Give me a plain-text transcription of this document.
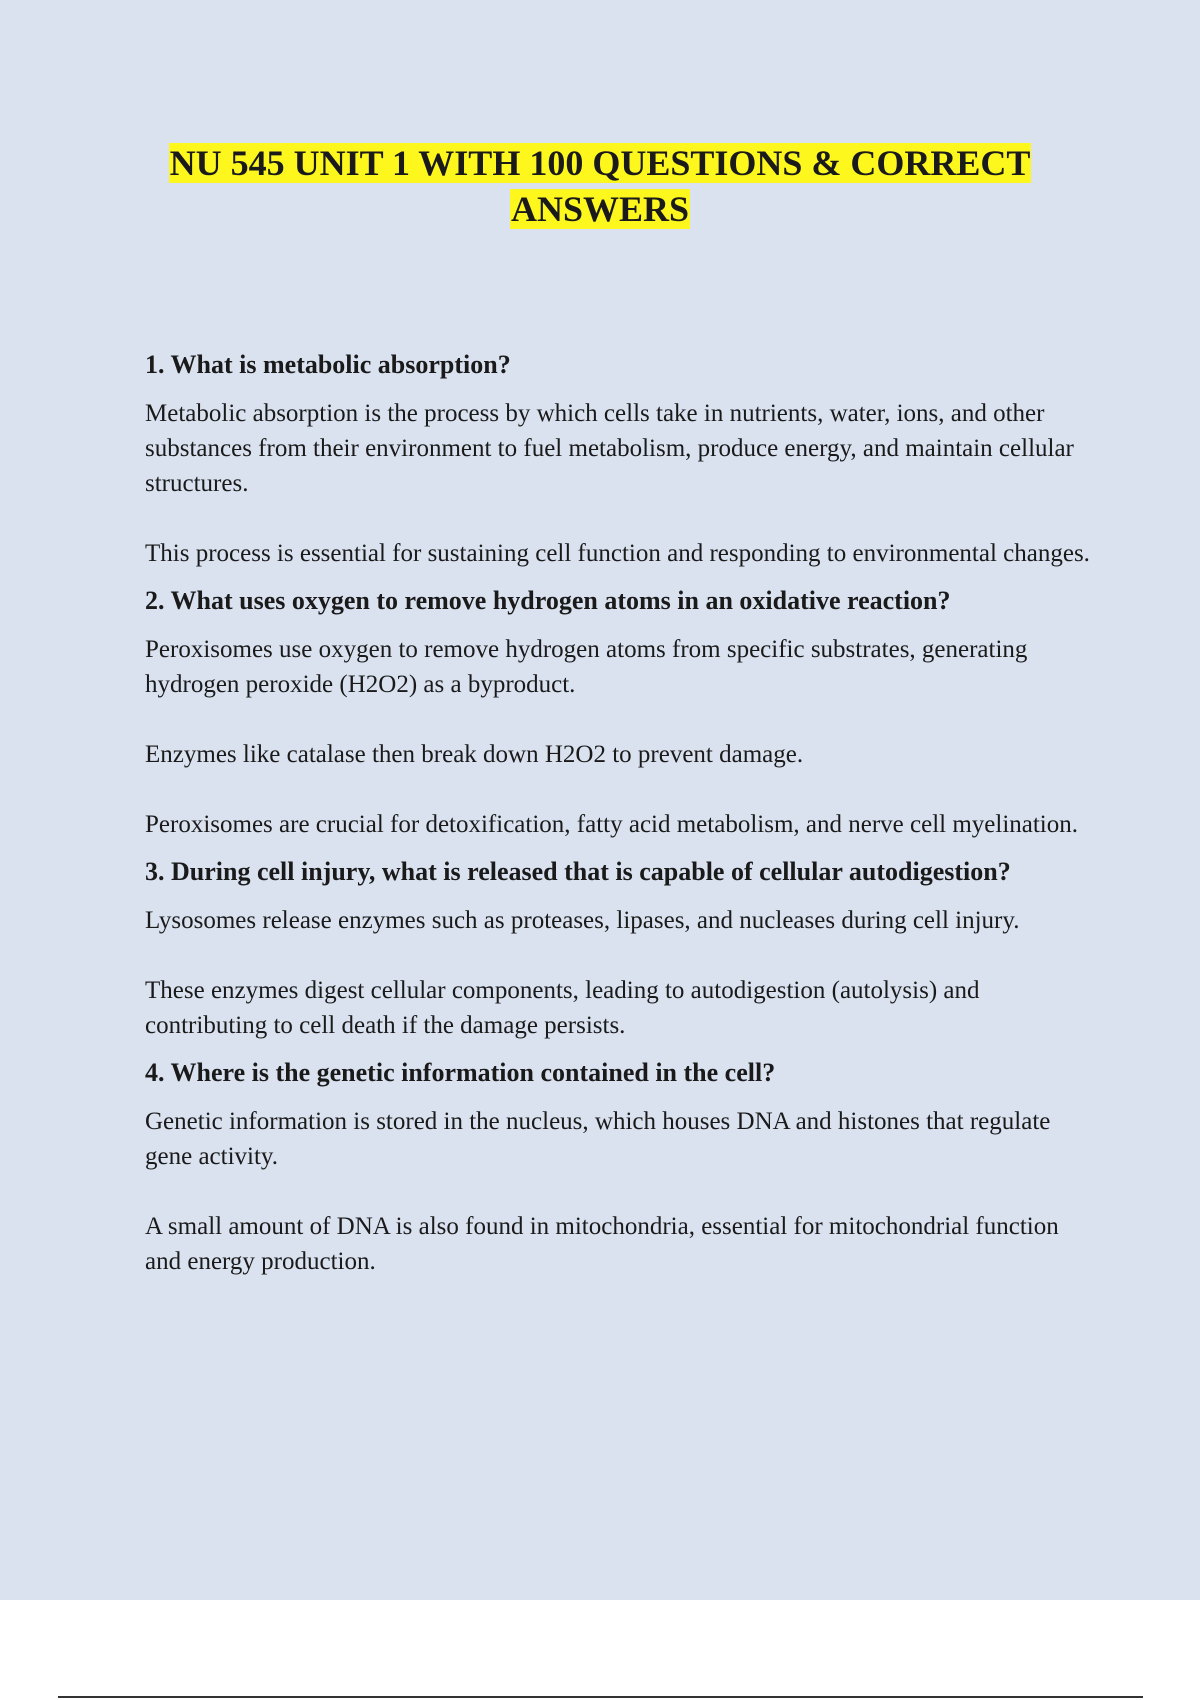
NU 545 UNIT 1 WITH 100 QUESTIONS & CORRECT
ANSWERS

1. What is metabolic absorption?

Metabolic absorption is the process by which cells take in nutrients, water, ions, and other substances from their environment to fuel metabolism, produce energy, and maintain cellular structures.

This process is essential for sustaining cell function and responding to environmental changes.

2. What uses oxygen to remove hydrogen atoms in an oxidative reaction?

Peroxisomes use oxygen to remove hydrogen atoms from specific substrates, generating hydrogen peroxide (H2O2) as a byproduct.

Enzymes like catalase then break down H2O2 to prevent damage.

Peroxisomes are crucial for detoxification, fatty acid metabolism, and nerve cell myelination.

3. During cell injury, what is released that is capable of cellular autodigestion?

Lysosomes release enzymes such as proteases, lipases, and nucleases during cell injury.

These enzymes digest cellular components, leading to autodigestion (autolysis) and contributing to cell death if the damage persists.

4. Where is the genetic information contained in the cell?

Genetic information is stored in the nucleus, which houses DNA and histones that regulate gene activity.

A small amount of DNA is also found in mitochondria, essential for mitochondrial function and energy production.
